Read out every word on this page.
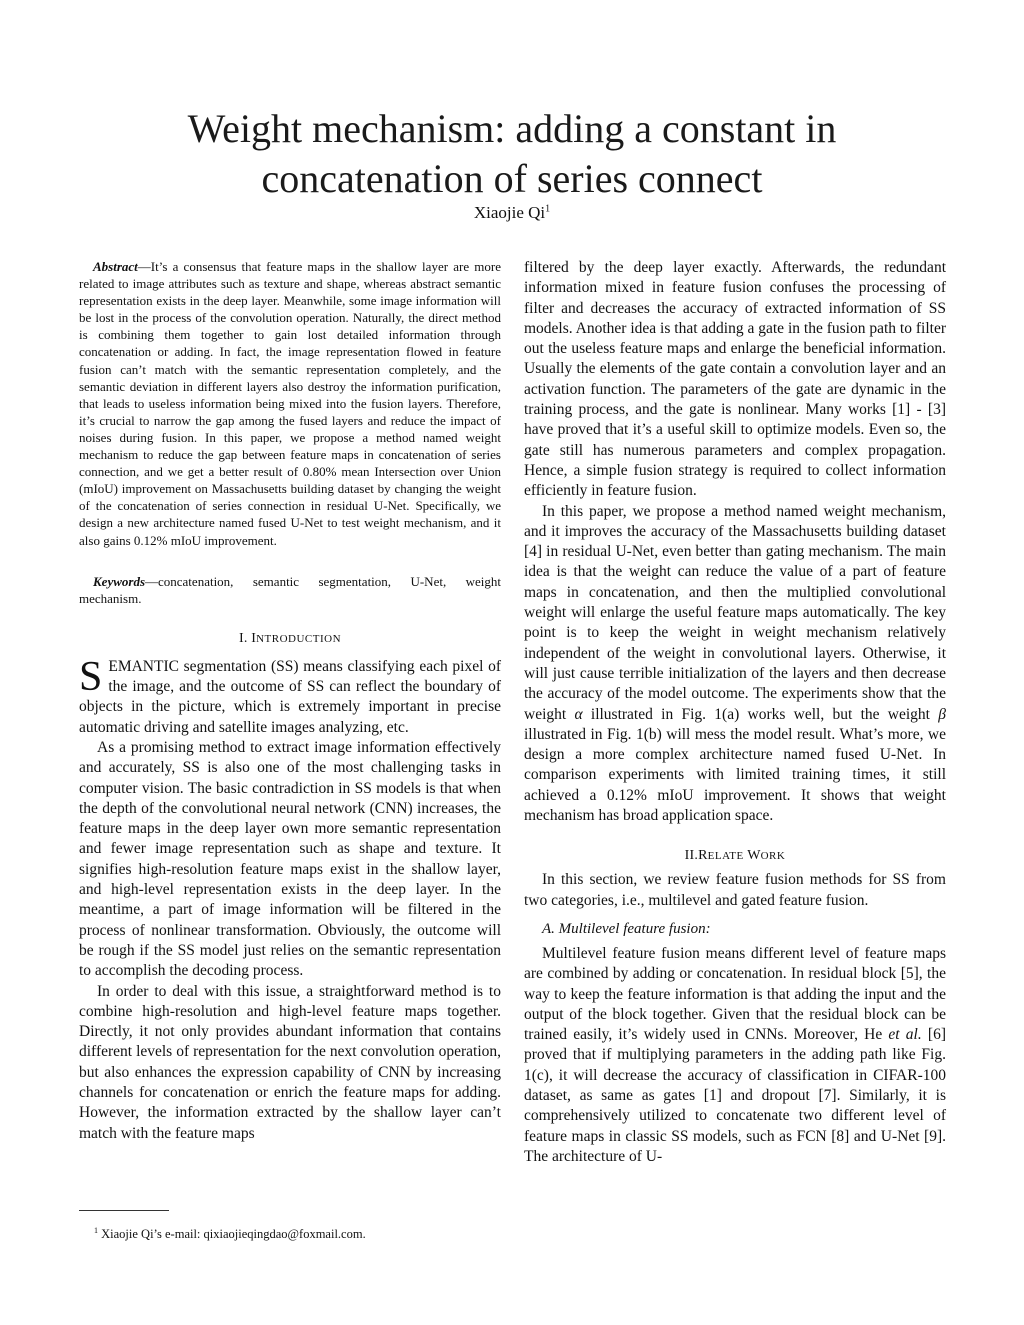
Weight mechanism: adding a constant in
concatenation of series connect
Xiaojie Qi$^1$

Abstract—It’s a consensus that feature maps in the shallow layer are more related to image attributes such as texture and shape, whereas abstract semantic representation exists in the deep layer. Meanwhile, some image information will be lost in the process of the convolution operation. Naturally, the direct method is combining them together to gain lost detailed information through concatenation or adding. In fact, the image representation flowed in feature fusion can’t match with the semantic representation completely, and the semantic deviation in different layers also destroy the information purification, that leads to useless information being mixed into the fusion layers. Therefore, it’s crucial to narrow the gap among the fused layers and reduce the impact of noises during fusion. In this paper, we propose a method named weight mechanism to reduce the gap between feature maps in concatenation of series connection, and we get a better result of 0.80% mean Intersection over Union (mIoU) improvement on Massachusetts building dataset by changing the weight of the concatenation of series connection in residual U-Net. Specifically, we design a new architecture named fused U-Net to test weight mechanism, and it also gains 0.12% mIoU improvement.

Keywords—concatenation, semantic segmentation, U-Net, weight mechanism.

I. INTRODUCTION

SEMANTIC segmentation (SS) means classifying each pixel of the image, and the outcome of SS can reflect the boundary of objects in the picture, which is extremely important in precise automatic driving and satellite images analyzing, etc.

As a promising method to extract image information effectively and accurately, SS is also one of the most challenging tasks in computer vision. The basic contradiction in SS models is that when the depth of the convolutional neural network (CNN) increases, the feature maps in the deep layer own more semantic representation and fewer image representation such as shape and texture. It signifies high-resolution feature maps exist in the shallow layer, and high-level representation exists in the deep layer. In the meantime, a part of image information will be filtered in the process of nonlinear transformation. Obviously, the outcome will be rough if the SS model just relies on the semantic representation to accomplish the decoding process.

In order to deal with this issue, a straightforward method is to combine high-resolution and high-level feature maps together. Directly, it not only provides abundant information that contains different levels of representation for the next convolution operation, but also enhances the expression capability of CNN by increasing channels for concatenation or enrich the feature maps for adding. However, the information extracted by the shallow layer can’t match with the feature maps

filtered by the deep layer exactly. Afterwards, the redundant information mixed in feature fusion confuses the processing of filter and decreases the accuracy of extracted information of SS models. Another idea is that adding a gate in the fusion path to filter out the useless feature maps and enlarge the beneficial information. Usually the elements of the gate contain a convolution layer and an activation function. The parameters of the gate are dynamic in the training process, and the gate is nonlinear. Many works [1] - [3] have proved that it’s a useful skill to optimize models. Even so, the gate still has numerous parameters and complex propagation. Hence, a simple fusion strategy is required to collect information efficiently in feature fusion.

In this paper, we propose a method named weight mechanism, and it improves the accuracy of the Massachusetts building dataset [4] in residual U-Net, even better than gating mechanism. The main idea is that the weight can reduce the value of a part of feature maps in concatenation, and then the multiplied convolutional weight will enlarge the useful feature maps automatically. The key point is to keep the weight in weight mechanism relatively independent of the weight in convolutional layers. Otherwise, it will just cause terrible initialization of the layers and then decrease the accuracy of the model outcome. The experiments show that the weight α illustrated in Fig. 1(a) works well, but the weight β illustrated in Fig. 1(b) will mess the model result. What’s more, we design a more complex architecture named fused U-Net. In comparison experiments with limited training times, it still achieved a 0.12% mIoU improvement. It shows that weight mechanism has broad application space.

II.RELATE WORK

In this section, we review feature fusion methods for SS from two categories, i.e., multilevel and gated feature fusion.

A. Multilevel feature fusion:

Multilevel feature fusion means different level of feature maps are combined by adding or concatenation. In residual block [5], the way to keep the feature information is that adding the input and the output of the block together. Given that the residual block can be trained easily, it’s widely used in CNNs. Moreover, He et al. [6] proved that if multiplying parameters in the adding path like Fig. 1(c), it will decrease the accuracy of classification in CIFAR-100 dataset, as same as gates [1] and dropout [7]. Similarly, it is comprehensively utilized to concatenate two different level of feature maps in classic SS models, such as FCN [8] and U-Net [9]. The architecture of U-

$^1$ Xiaojie Qi’s e-mail: qixiaojieqingdao@foxmail.com.
